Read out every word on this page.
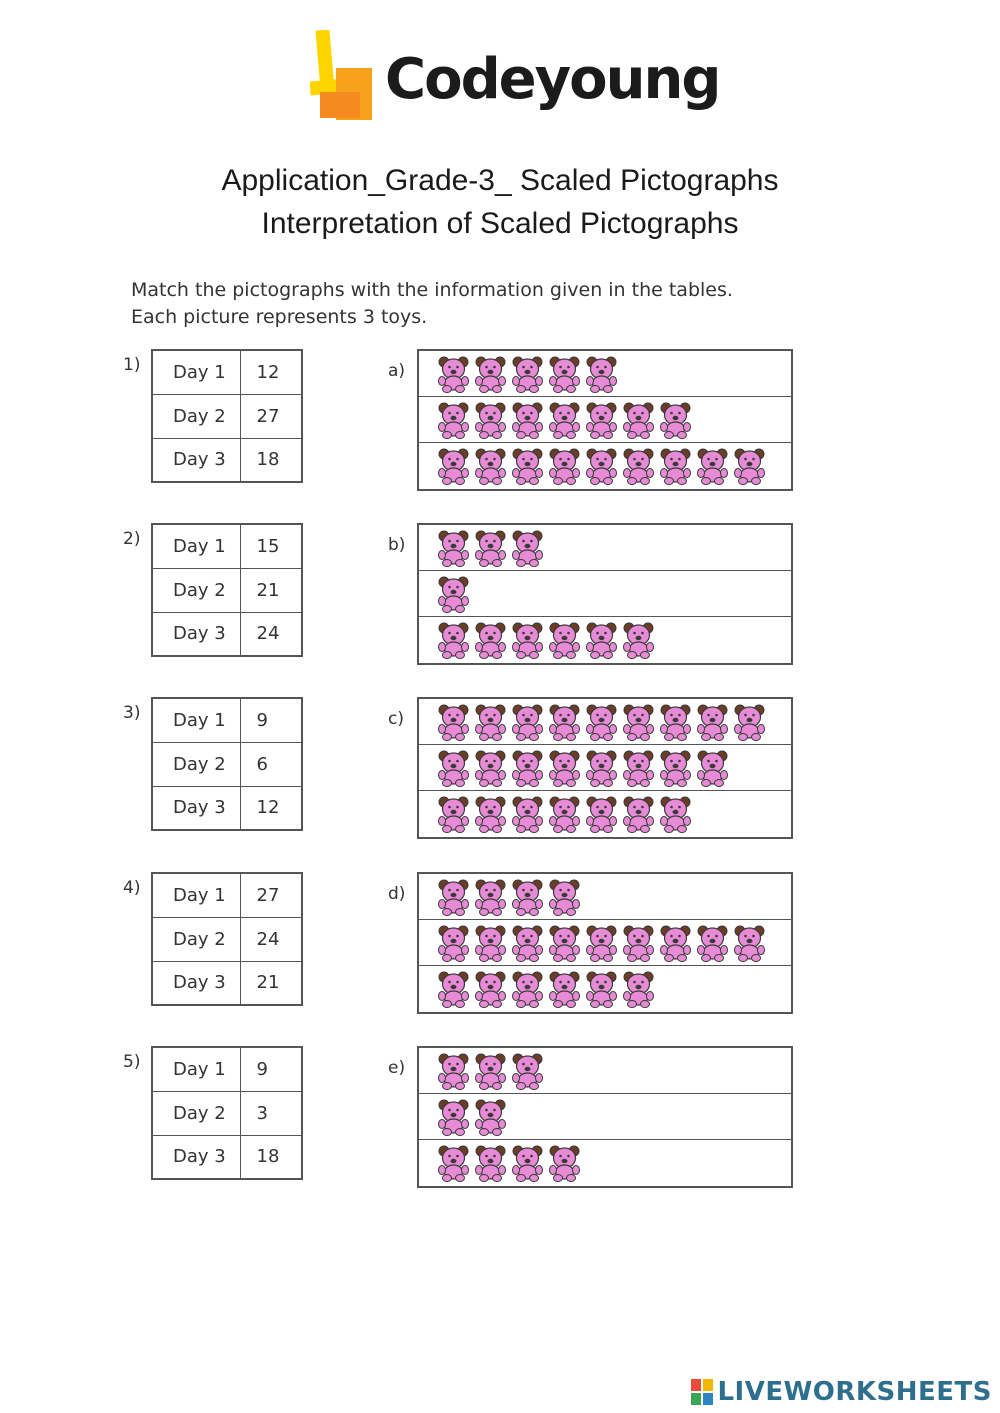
Codeyoung
Application_Grade-3_ Scaled Pictographs
Interpretation of Scaled Pictographs
Match the pictographs with the information given in the tables.
Each picture represents 3 toys.
1) Day 1	12
Day 2	27
Day 3	18
a)
2) Day 1	15
Day 2	21
Day 3	24
b)
3) Day 1	9
Day 2	6
Day 3	12
c)
4) Day 1	27
Day 2	24
Day 3	21
d)
5) Day 1	9
Day 2	3
Day 3	18
e)
LIVEWORKSHEETS
